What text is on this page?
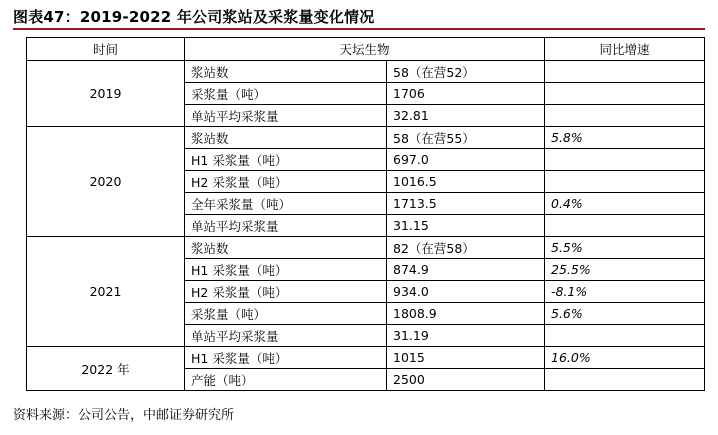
图表47：2019-2022 年公司浆站及采浆量变化情况
时间	天坛生物		同比增速
2019	浆站数	58（在营52）	
	采浆量（吨）	1706	
	单站平均采浆量	32.81	
2020	浆站数	58（在营55）	5.8%
	H1 采浆量（吨）	697.0	
	H2 采浆量（吨）	1016.5	
	全年采浆量（吨）	1713.5	0.4%
	单站平均采浆量	31.15	
2021	浆站数	82（在营58）	5.5%
	H1 采浆量（吨）	874.9	25.5%
	H2 采浆量（吨）	934.0	-8.1%
	采浆量（吨）	1808.9	5.6%
	单站平均采浆量	31.19	
2022 年	H1 采浆量（吨）	1015	16.0%
	产能（吨）	2500	
资料来源：公司公告，中邮证券研究所
